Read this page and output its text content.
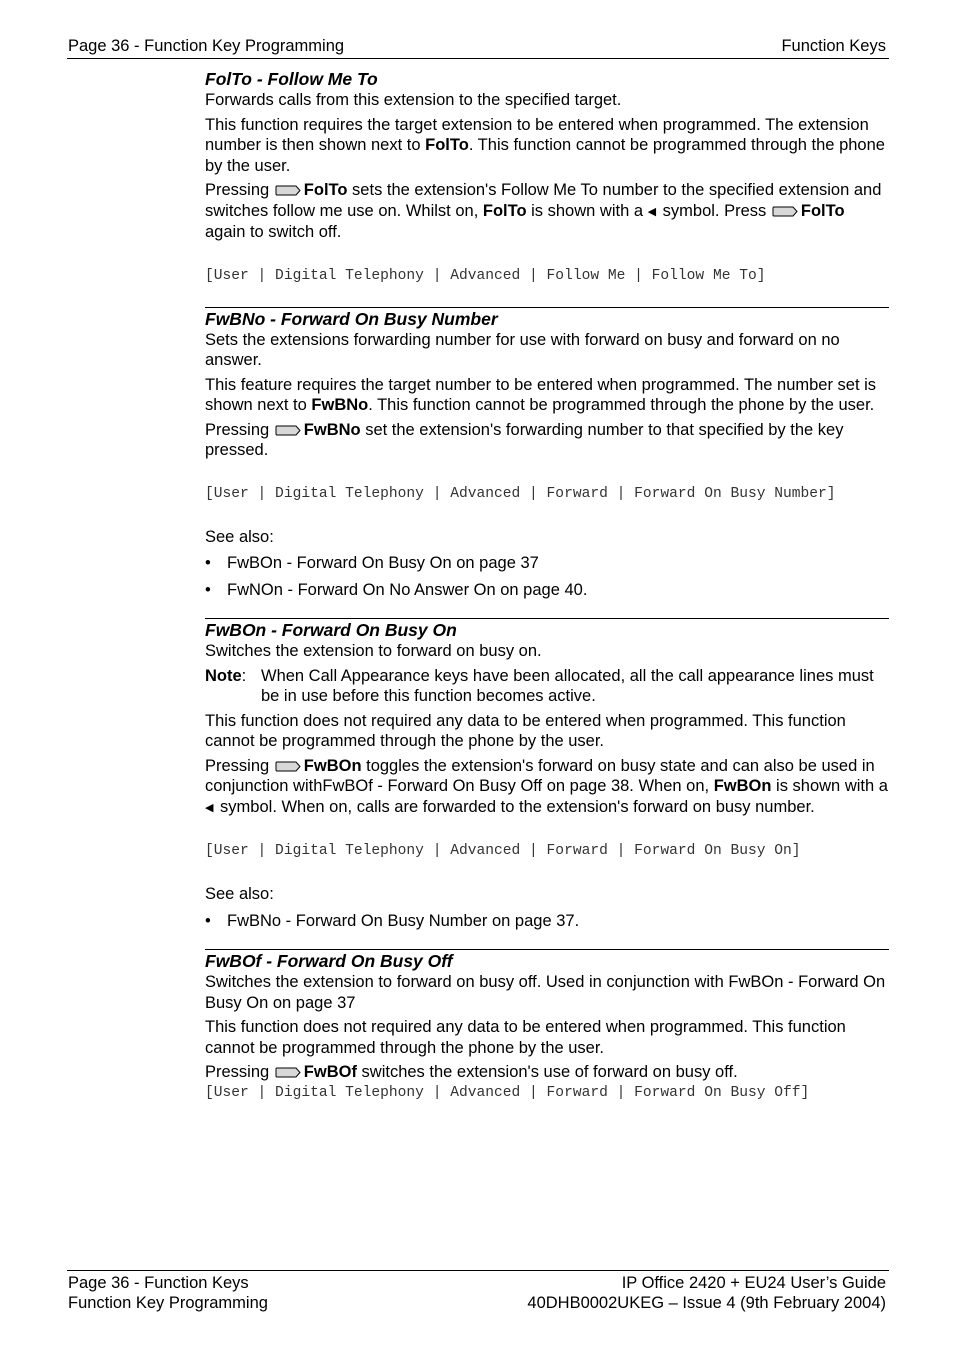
Page 36 - Function Key Programming	Function Keys
FolTo - Follow Me To

Forwards calls from this extension to the specified target.

This function requires the target extension to be entered when programmed. The extension number is then shown next to FolTo. This function cannot be programmed through the phone by the user.

Pressing
FolTo sets the extension's Follow Me To number to the specified extension and switches follow me use on. Whilst on, FolTo is shown with a ◀ symbol. Press
FolTo again to switch off.

[User | Digital Telephony | Advanced | Follow Me | Follow Me To]

FwBNo - Forward On Busy Number

Sets the extensions forwarding number for use with forward on busy and forward on no answer.

This feature requires the target number to be entered when programmed. The number set is shown next to FwBNo. This function cannot be programmed through the phone by the user.

Pressing
FwBNo set the extension's forwarding number to that specified by the key pressed.

[User | Digital Telephony | Advanced | Forward | Forward On Busy Number]

See also:

• FwBOn - Forward On Busy On on page 37
• FwNOn - Forward On No Answer On on page 40.
FwBOn - Forward On Busy On

Switches the extension to forward on busy on.

Note: When Call Appearance keys have been allocated, all the call appearance lines must be in use before this function becomes active.

This function does not required any data to be entered when programmed. This function cannot be programmed through the phone by the user.

Pressing
FwBOn toggles the extension's forward on busy state and can also be used in conjunction withFwBOf - Forward On Busy Off on page 38. When on, FwBOn is shown with a ◀ symbol. When on, calls are forwarded to the extension's forward on busy number.

[User | Digital Telephony | Advanced | Forward | Forward On Busy On]

See also:

• FwBNo - Forward On Busy Number on page 37.
FwBOf - Forward On Busy Off

Switches the extension to forward on busy off. Used in conjunction with FwBOn - Forward On Busy On on page 37

This function does not required any data to be entered when programmed. This function cannot be programmed through the phone by the user.

Pressing
FwBOf switches the extension's use of forward on busy off.

[User | Digital Telephony | Advanced | Forward | Forward On Busy Off]

Page 36 - Function Keys
Function Key Programming
IP Office 2420 + EU24 User’s Guide
40DHB0002UKEG – Issue 4 (9th February 2004)
